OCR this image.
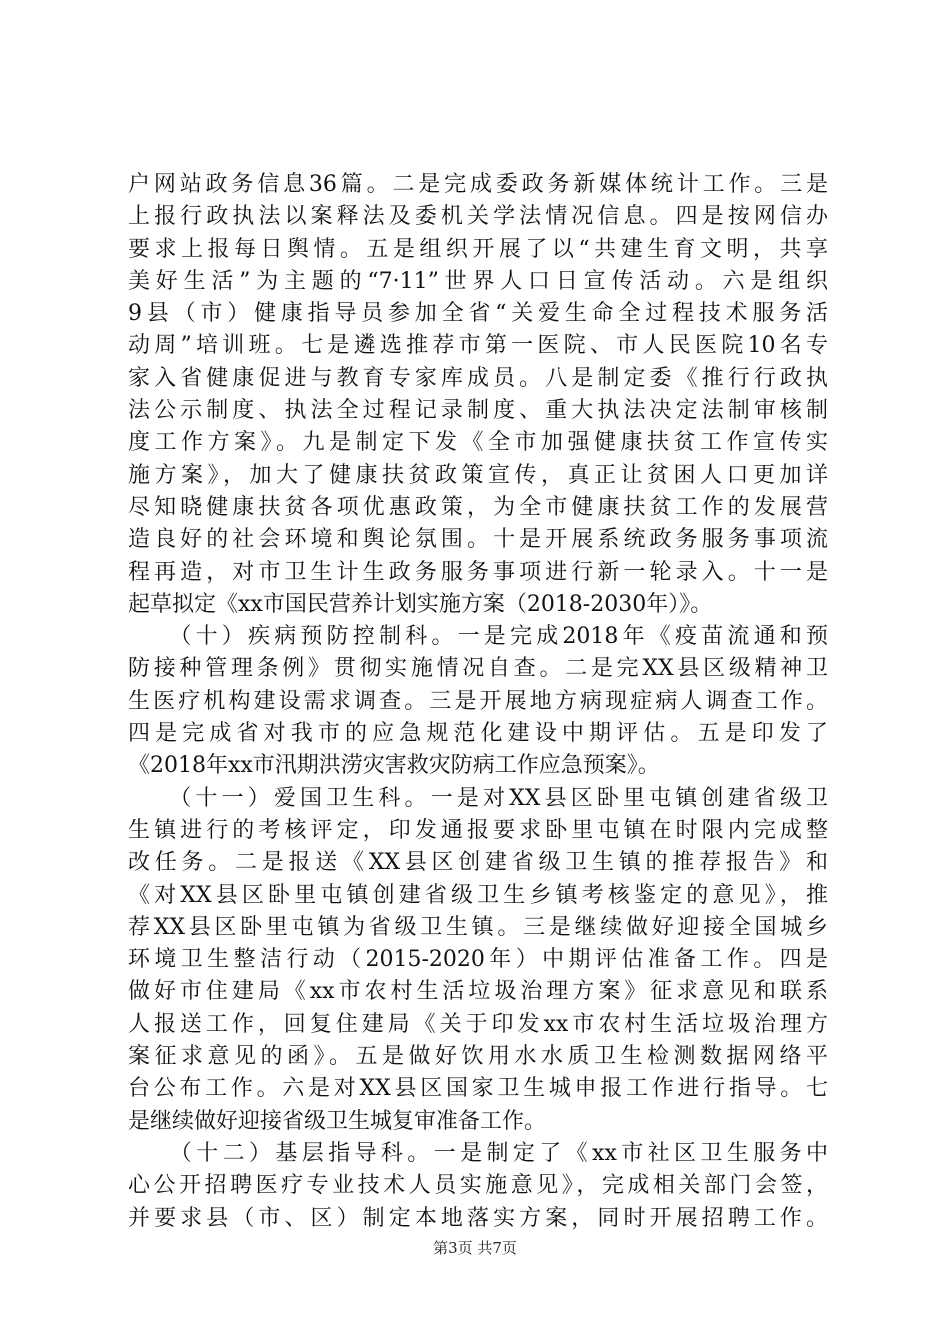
户网站政务信息36篇。二是完成委政务新媒体统计工作。三是
上报行政执法以案释法及委机关学法情况信息。四是按网信办
要求上报每日舆情。五是组织开展了以“共建生育文明，共享
美好生活”为主题的“7·11”世界人口日宣传活动。六是组织
9县（市）健康指导员参加全省“关爱生命全过程技术服务活
动周”培训班。七是遴选推荐市第一医院、市人民医院10名专
家入省健康促进与教育专家库成员。八是制定委《推行行政执
法公示制度、执法全过程记录制度、重大执法决定法制审核制
度工作方案》。九是制定下发《全市加强健康扶贫工作宣传实
施方案》，加大了健康扶贫政策宣传，真正让贫困人口更加详
尽知晓健康扶贫各项优惠政策，为全市健康扶贫工作的发展营
造良好的社会环境和舆论氛围。十是开展系统政务服务事项流
程再造，对市卫生计生政务服务事项进行新一轮录入。十一是
起草拟定《xx市国民营养计划实施方案（2018-2030年）》。
　　（十）疾病预防控制科。一是完成2018年《疫苗流通和预
防接种管理条例》贯彻实施情况自查。二是完XX县区级精神卫
生医疗机构建设需求调查。三是开展地方病现症病人调查工作。
四是完成省对我市的应急规范化建设中期评估。五是印发了
《2018年xx市汛期洪涝灾害救灾防病工作应急预案》。
　　（十一）爱国卫生科。一是对XX县区卧里屯镇创建省级卫
生镇进行的考核评定，印发通报要求卧里屯镇在时限内完成整
改任务。二是报送《XX县区创建省级卫生镇的推荐报告》和
《对XX县区卧里屯镇创建省级卫生乡镇考核鉴定的意见》，推
荐XX县区卧里屯镇为省级卫生镇。三是继续做好迎接全国城乡
环境卫生整洁行动（2015-2020年）中期评估准备工作。四是
做好市住建局《xx市农村生活垃圾治理方案》征求意见和联系
人报送工作，回复住建局《关于印发xx市农村生活垃圾治理方
案征求意见的函》。五是做好饮用水水质卫生检测数据网络平
台公布工作。六是对XX县区国家卫生城申报工作进行指导。七
是继续做好迎接省级卫生城复审准备工作。
　　（十二）基层指导科。一是制定了《xx市社区卫生服务中
心公开招聘医疗专业技术人员实施意见》，完成相关部门会签，
并要求县（市、区）制定本地落实方案，同时开展招聘工作。
第3页 共7页
